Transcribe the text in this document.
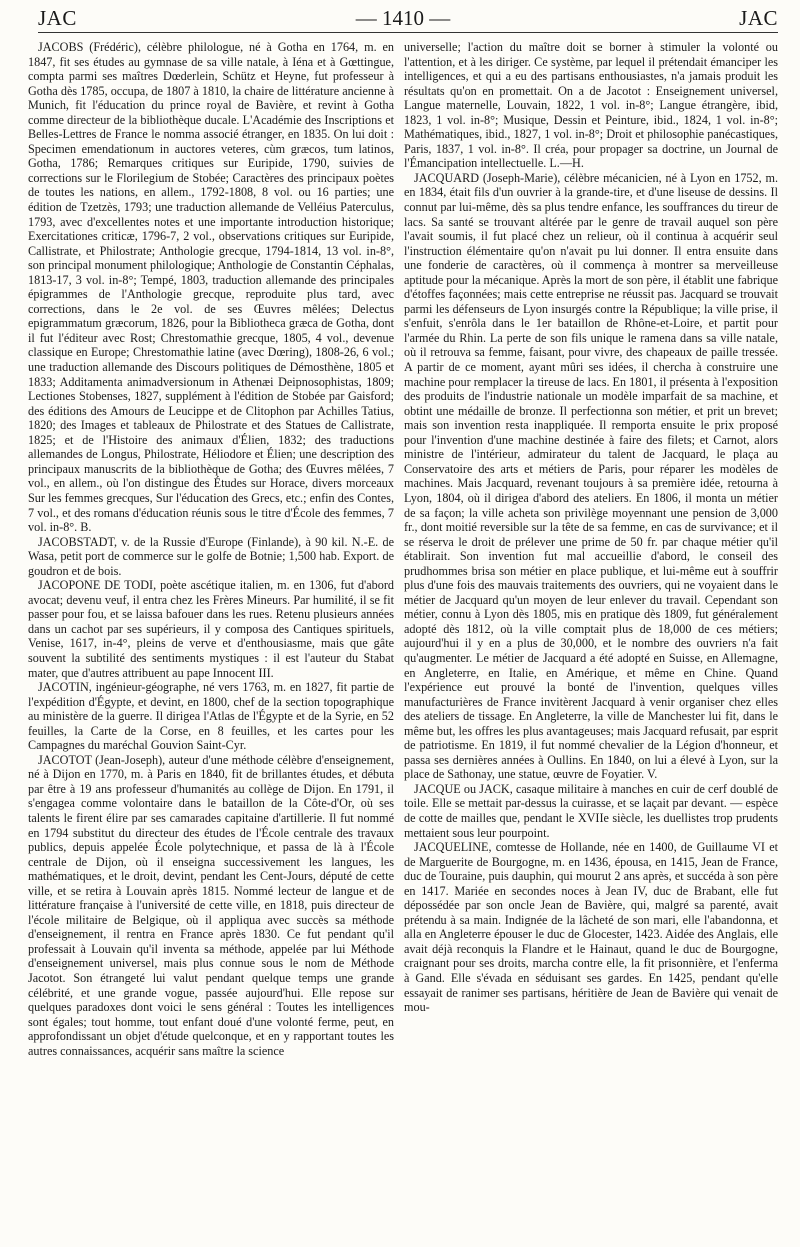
JAC	— 1410 —	JAC

JACOBS (Frédéric), célèbre philologue, né à Gotha en 1764, m. en 1847, fit ses études au gymnase de sa ville natale, à Iéna et à Gœttingue, compta parmi ses maîtres Dœderlein, Schütz et Heyne, fut professeur à Gotha dès 1785, occupa, de 1807 à 1810, la chaire de littérature ancienne à Munich, fit l'éducation du prince royal de Bavière, et revint à Gotha comme directeur de la bibliothèque ducale. L'Académie des Inscriptions et Belles-Lettres de France le nomma associé étranger, en 1835. On lui doit : Specimen emendationum in auctores veteres, cùm græcos, tum latinos, Gotha, 1786; Remarques critiques sur Euripide, 1790, suivies de corrections sur le Florilegium de Stobée; Caractères des principaux poètes de toutes les nations, en allem., 1792-1808, 8 vol. ou 16 parties; une édition de Tzetzès, 1793; une traduction allemande de Velléius Paterculus, 1793, avec d'excellentes notes et une importante introduction historique; Exercitationes criticæ, 1796-7, 2 vol., observations critiques sur Euripide, Callistrate, et Philostrate; Anthologie grecque, 1794-1814, 13 vol. in-8°, son principal monument philologique; Anthologie de Constantin Céphalas, 1813-17, 3 vol. in-8°; Tempé, 1803, traduction allemande des principales épigrammes de l'Anthologie grecque, reproduite plus tard, avec corrections, dans le 2e vol. de ses Œuvres mêlées; Delectus epigrammatum græcorum, 1826, pour la Bibliotheca græca de Gotha, dont il fut l'éditeur avec Rost; Chrestomathie grecque, 1805, 4 vol., devenue classique en Europe; Chrestomathie latine (avec Dœring), 1808-26, 6 vol.; une traduction allemande des Discours politiques de Démosthène, 1805 et 1833; Additamenta animadversionum in Athenæi Deipnosophistas, 1809; Lectiones Stobenses, 1827, supplément à l'édition de Stobée par Gaisford; des éditions des Amours de Leucippe et de Clitophon par Achilles Tatius, 1820; des Images et tableaux de Philostrate et des Statues de Callistrate, 1825; et de l'Histoire des animaux d'Élien, 1832; des traductions allemandes de Longus, Philostrate, Héliodore et Élien; une description des principaux manuscrits de la bibliothèque de Gotha; des Œuvres mêlées, 7 vol., en allem., où l'on distingue des Études sur Horace, divers morceaux Sur les femmes grecques, Sur l'éducation des Grecs, etc.; enfin des Contes, 7 vol., et des romans d'éducation réunis sous le titre d'École des femmes, 7 vol. in-8°. B.

JACOBSTADT, v. de la Russie d'Europe (Finlande), à 90 kil. N.-E. de Wasa, petit port de commerce sur le golfe de Botnie; 1,500 hab. Export. de goudron et de bois.

JACOPONE DE TODI, poète ascétique italien, m. en 1306, fut d'abord avocat; devenu veuf, il entra chez les Frères Mineurs. Par humilité, il se fit passer pour fou, et se laissa bafouer dans les rues. Retenu plusieurs années dans un cachot par ses supérieurs, il y composa des Cantiques spirituels, Venise, 1617, in-4°, pleins de verve et d'enthousiasme, mais que gâte souvent la subtilité des sentiments mystiques : il est l'auteur du Stabat mater, que d'autres attribuent au pape Innocent III.

JACOTIN, ingénieur-géographe, né vers 1763, m. en 1827, fit partie de l'expédition d'Égypte, et devint, en 1800, chef de la section topographique au ministère de la guerre. Il dirigea l'Atlas de l'Égypte et de la Syrie, en 52 feuilles, la Carte de la Corse, en 8 feuilles, et les cartes pour les Campagnes du maréchal Gouvion Saint-Cyr.

JACOTOT (Jean-Joseph), auteur d'une méthode célèbre d'enseignement, né à Dijon en 1770, m. à Paris en 1840, fit de brillantes études, et débuta par être à 19 ans professeur d'humanités au collège de Dijon. En 1791, il s'engagea comme volontaire dans le bataillon de la Côte-d'Or, où ses talents le firent élire par ses camarades capitaine d'artillerie. Il fut nommé en 1794 substitut du directeur des études de l'École centrale des travaux publics, depuis appelée École polytechnique, et passa de là à l'École centrale de Dijon, où il enseigna successivement les langues, les mathématiques, et le droit, devint, pendant les Cent-Jours, député de cette ville, et se retira à Louvain après 1815. Nommé lecteur de langue et de littérature française à l'université de cette ville, en 1818, puis directeur de l'école militaire de Belgique, où il appliqua avec succès sa méthode d'enseignement, il rentra en France après 1830. Ce fut pendant qu'il professait à Louvain qu'il inventa sa méthode, appelée par lui Méthode d'enseignement universel, mais plus connue sous le nom de Méthode Jacotot. Son étrangeté lui valut pendant quelque temps une grande célébrité, et une grande vogue, passée aujourd'hui. Elle repose sur quelques paradoxes dont voici le sens général : Toutes les intelligences sont égales; tout homme, tout enfant doué d'une volonté ferme, peut, en approfondissant un objet d'étude quelconque, et en y rapportant toutes les autres connaissances, acquérir sans maître la science

universelle; l'action du maître doit se borner à stimuler la volonté ou l'attention, et à les diriger. Ce système, par lequel il prétendait émanciper les intelligences, et qui a eu des partisans enthousiastes, n'a jamais produit les résultats qu'on en promettait. On a de Jacotot : Enseignement universel, Langue maternelle, Louvain, 1822, 1 vol. in-8°; Langue étrangère, ibid, 1823, 1 vol. in-8°; Musique, Dessin et Peinture, ibid., 1824, 1 vol. in-8°; Mathématiques, ibid., 1827, 1 vol. in-8°; Droit et philosophie panécastiques, Paris, 1837, 1 vol. in-8°. Il créa, pour propager sa doctrine, un Journal de l'Émancipation intellectuelle. L.—H.

JACQUARD (Joseph-Marie), célèbre mécanicien, né à Lyon en 1752, m. en 1834, était fils d'un ouvrier à la grande-tire, et d'une liseuse de dessins. Il connut par lui-même, dès sa plus tendre enfance, les souffrances du tireur de lacs. Sa santé se trouvant altérée par le genre de travail auquel son père l'avait soumis, il fut placé chez un relieur, où il continua à acquérir seul l'instruction élémentaire qu'on n'avait pu lui donner. Il entra ensuite dans une fonderie de caractères, où il commença à montrer sa merveilleuse aptitude pour la mécanique. Après la mort de son père, il établit une fabrique d'étoffes façonnées; mais cette entreprise ne réussit pas. Jacquard se trouvait parmi les défenseurs de Lyon insurgés contre la République; la ville prise, il s'enfuit, s'enrôla dans le 1er bataillon de Rhône-et-Loire, et partit pour l'armée du Rhin. La perte de son fils unique le ramena dans sa ville natale, où il retrouva sa femme, faisant, pour vivre, des chapeaux de paille tressée. A partir de ce moment, ayant mûri ses idées, il chercha à construire une machine pour remplacer la tireuse de lacs. En 1801, il présenta à l'exposition des produits de l'industrie nationale un modèle imparfait de sa machine, et obtint une médaille de bronze. Il perfectionna son métier, et prit un brevet; mais son invention resta inappliquée. Il remporta ensuite le prix proposé pour l'invention d'une machine destinée à faire des filets; et Carnot, alors ministre de l'intérieur, admirateur du talent de Jacquard, le plaça au Conservatoire des arts et métiers de Paris, pour réparer les modèles de machines. Mais Jacquard, revenant toujours à sa première idée, retourna à Lyon, 1804, où il dirigea d'abord des ateliers. En 1806, il monta un métier de sa façon; la ville acheta son privilège moyennant une pension de 3,000 fr., dont moitié reversible sur la tête de sa femme, en cas de survivance; et il se réserva le droit de prélever une prime de 50 fr. par chaque métier qu'il établirait. Son invention fut mal accueillie d'abord, le conseil des prudhommes brisa son métier en place publique, et lui-même eut à souffrir plus d'une fois des mauvais traitements des ouvriers, qui ne voyaient dans le métier de Jacquard qu'un moyen de leur enlever du travail. Cependant son métier, connu à Lyon dès 1805, mis en pratique dès 1809, fut généralement adopté dès 1812, où la ville comptait plus de 18,000 de ces métiers; aujourd'hui il y en a plus de 30,000, et le nombre des ouvriers n'a fait qu'augmenter. Le métier de Jacquard a été adopté en Suisse, en Allemagne, en Angleterre, en Italie, en Amérique, et même en Chine. Quand l'expérience eut prouvé la bonté de l'invention, quelques villes manufacturières de France invitèrent Jacquard à venir organiser chez elles des ateliers de tissage. En Angleterre, la ville de Manchester lui fit, dans le même but, les offres les plus avantageuses; mais Jacquard refusait, par esprit de patriotisme. En 1819, il fut nommé chevalier de la Légion d'honneur, et passa ses dernières années à Oullins. En 1840, on lui a élevé à Lyon, sur la place de Sathonay, une statue, œuvre de Foyatier. V.

JACQUE ou JACK, casaque militaire à manches en cuir de cerf doublé de toile. Elle se mettait par-dessus la cuirasse, et se laçait par devant. — espèce de cotte de mailles que, pendant le XVIIe siècle, les duellistes trop prudents mettaient sous leur pourpoint.

JACQUELINE, comtesse de Hollande, née en 1400, de Guillaume VI et de Marguerite de Bourgogne, m. en 1436, épousa, en 1415, Jean de France, duc de Touraine, puis dauphin, qui mourut 2 ans après, et succéda à son père en 1417. Mariée en secondes noces à Jean IV, duc de Brabant, elle fut dépossédée par son oncle Jean de Bavière, qui, malgré sa parenté, avait prétendu à sa main. Indignée de la lâcheté de son mari, elle l'abandonna, et alla en Angleterre épouser le duc de Glocester, 1423. Aidée des Anglais, elle avait déjà reconquis la Flandre et le Hainaut, quand le duc de Bourgogne, craignant pour ses droits, marcha contre elle, la fit prisonnière, et l'enferma à Gand. Elle s'évada en séduisant ses gardes. En 1425, pendant qu'elle essayait de ranimer ses partisans, héritière de Jean de Bavière qui venait de mou-
